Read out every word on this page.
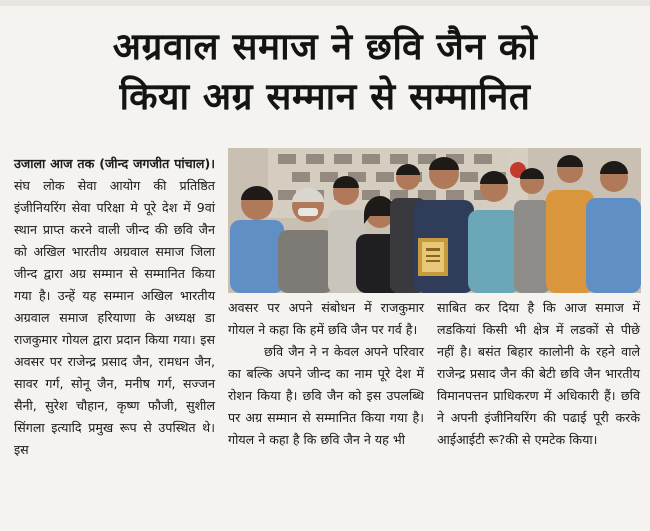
अग्रवाल समाज ने छवि जैन को
किया अग्र सम्मान से सम्मानित
उजाला आज तक (जीन्द जगजीत पांचाल)। संघ लोक सेवा आयोग की प्रतिष्ठित इंजीनियरिंग सेवा परिक्षा मे पूरे देश में 9वां स्थान प्राप्त करने वाली जीन्द की छवि जैन को अखिल भारतीय अग्रवाल समाज जिला जीन्द द्वारा अग्र सम्मान से सम्मानित किया गया है। उन्हें यह सम्मान अखिल भारतीय अग्रवाल समाज हरियाणा के अध्यक्ष डा राजकुमार गोयल द्वारा प्रदान किया गया। इस अवसर पर राजेन्द्र प्रसाद जैन, रामधन जैन, सावर गर्ग, सोनू जैन, मनीष गर्ग, सज्जन सैनी, सुरेश चौहान, कृष्ण फौजी, सुशील सिंगला इत्यादि प्रमुख रूप से उपस्थित थे। इस
अवसर पर अपने संबोधन में राजकुमार गोयल ने कहा कि हमें छवि जैन पर गर्व है।
छवि जैन ने न केवल अपने परिवार का बल्कि अपने जीन्द का नाम पूरे देश में रोशन किया है। छवि जैन को इस उपलब्धि पर अग्र सम्मान से सम्मानित किया गया है। गोयल ने कहा है कि छवि जैन ने यह भी
साबित कर दिया है कि आज समाज में लडकियां किसी भी क्षेत्र में लडकों से पीछे नहीं है। बसंत बिहार कालोनी के रहने वाले राजेन्द्र प्रसाद जैन की बेटी छवि जैन भारतीय विमानपत्तन प्राधिकरण में अधिकारी हैं। छवि ने अपनी इंजीनियरिंग की पढाई पूरी करके आईआईटी रू?की से एमटेक किया।
